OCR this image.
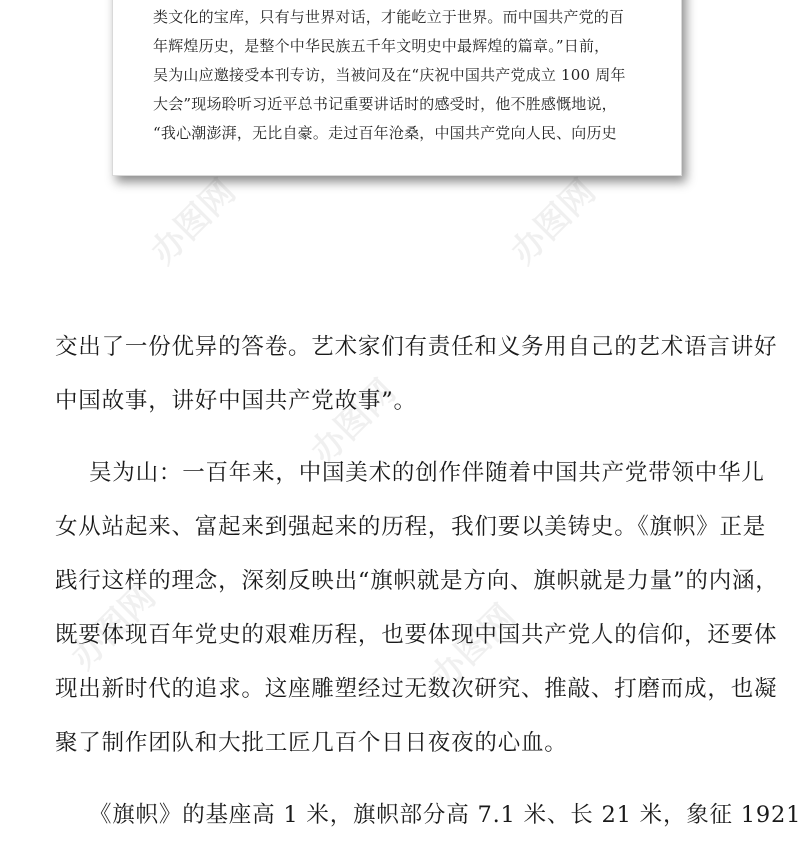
类文化的宝库，只有与世界对话，才能屹立于世界。而中国共产党的百
年辉煌历史，是整个中华民族五千年文明史中最辉煌的篇章。”日前，
吴为山应邀接受本刊专访，当被问及在“庆祝中国共产党成立 100 周年
大会”现场聆听习近平总书记重要讲话时的感受时，他不胜感慨地说，
“我心潮澎湃，无比自豪。走过百年沧桑，中国共产党向人民、向历史
交出了一份优异的答卷。艺术家们有责任和义务用自己的艺术语言讲好
中国故事，讲好中国共产党故事”。
吴为山：一百年来，中国美术的创作伴随着中国共产党带领中华儿
女从站起来、富起来到强起来的历程，我们要以美铸史。《旗帜》正是
践行这样的理念，深刻反映出“旗帜就是方向、旗帜就是力量”的内涵，
既要体现百年党史的艰难历程，也要体现中国共产党人的信仰，还要体
现出新时代的追求。这座雕塑经过无数次研究、推敲、打磨而成，也凝
聚了制作团队和大批工匠几百个日日夜夜的心血。
《旗帜》的基座高 1 米，旗帜部分高 7.1 米、长 21 米，象征 1921
办图网	办图网
办图网
办图网	办图网
